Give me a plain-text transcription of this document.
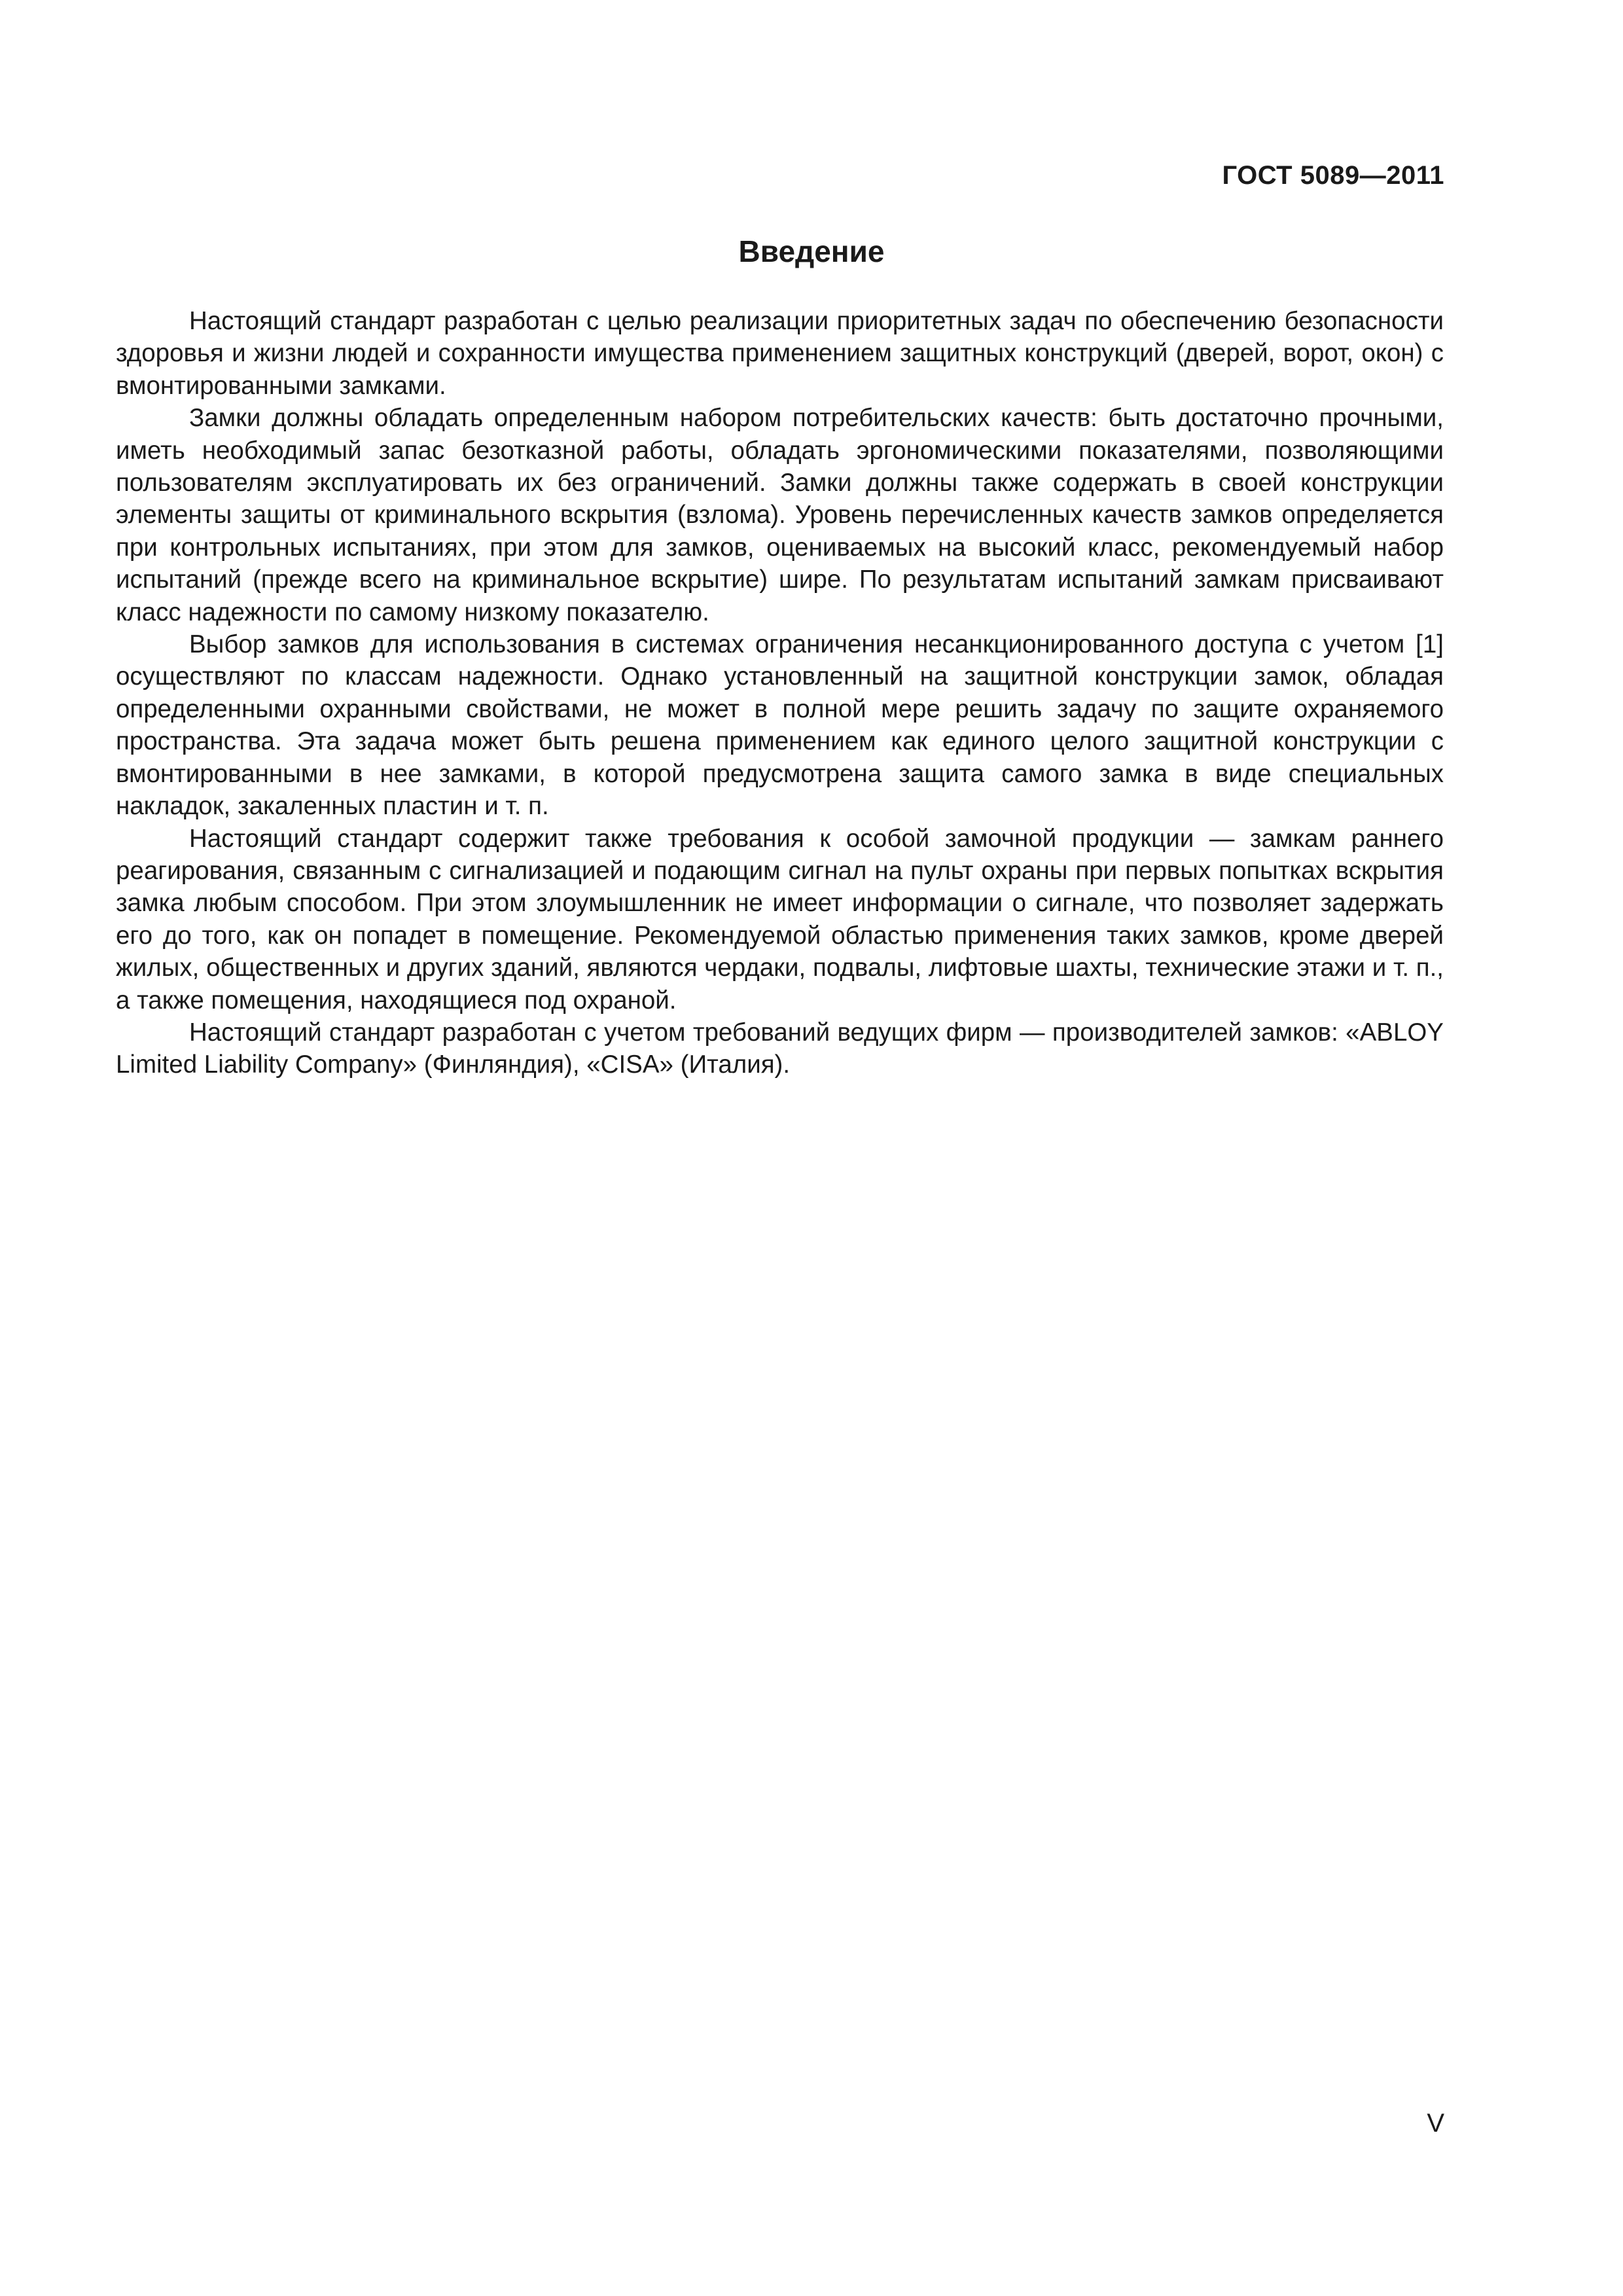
ГОСТ 5089—2011
Введение

Настоящий стандарт разработан с целью реализации приоритетных задач по обеспечению безопасности здоровья и жизни людей и сохранности имущества применением защитных конструкций (дверей, ворот, окон) с вмонтированными замками.

Замки должны обладать определенным набором потребительских качеств: быть достаточно прочными, иметь необходимый запас безотказной работы, обладать эргономическими показателями, позволяющими пользователям эксплуатировать их без ограничений. Замки должны также содержать в своей конструкции элементы защиты от криминального вскрытия (взлома). Уровень перечисленных качеств замков определяется при контрольных испытаниях, при этом для замков, оцениваемых на высокий класс, рекомендуемый набор испытаний (прежде всего на криминальное вскрытие) шире. По результатам испытаний замкам присваивают класс надежности по самому низкому показателю.

Выбор замков для использования в системах ограничения несанкционированного доступа с учетом [1] осуществляют по классам надежности. Однако установленный на защитной конструкции замок, обладая определенными охранными свойствами, не может в полной мере решить задачу по защите охраняемого пространства. Эта задача может быть решена применением как единого целого защитной конструкции с вмонтированными в нее замками, в которой предусмотрена защита самого замка в виде специальных накладок, закаленных пластин и т. п.

Настоящий стандарт содержит также требования к особой замочной продукции — замкам раннего реагирования, связанным с сигнализацией и подающим сигнал на пульт охраны при первых попытках вскрытия замка любым способом. При этом злоумышленник не имеет информации о сигнале, что позволяет задержать его до того, как он попадет в помещение. Рекомендуемой областью применения таких замков, кроме дверей жилых, общественных и других зданий, являются чердаки, подвалы, лифтовые шахты, технические этажи и т. п., а также помещения, находящиеся под охраной.

Настоящий стандарт разработан с учетом требований ведущих фирм — производителей замков: «ABLOY Limited Liability Company» (Финляндия), «CISA» (Италия).

V
